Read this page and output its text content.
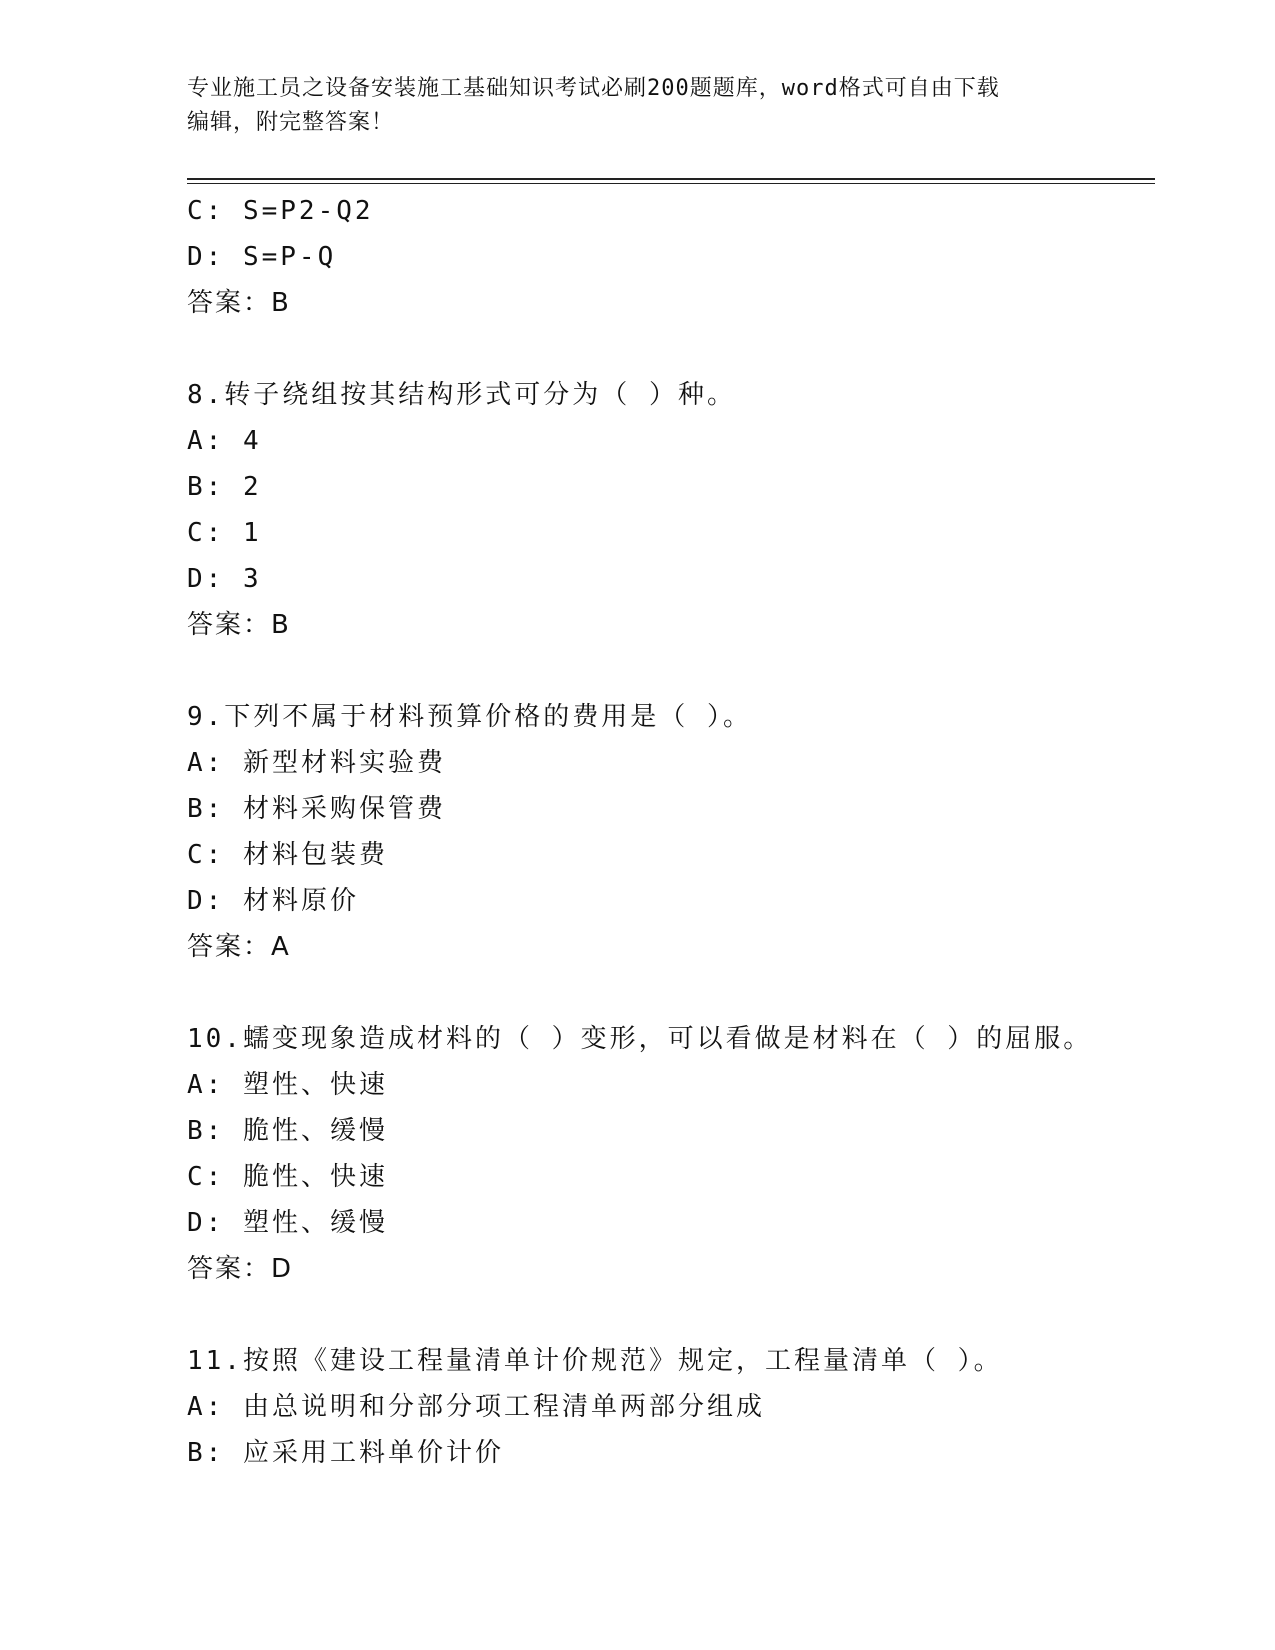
专业施工员之设备安装施工基础知识考试必刷200题题库，word格式可自由下载
编辑，附完整答案！
C: S=P2-Q2
D: S=P-Q
答案：B
8.转子绕组按其结构形式可分为（ ）种。
A: 4
B: 2
C: 1
D: 3
答案：B
9.下列不属于材料预算价格的费用是（ ）。
A: 新型材料实验费
B: 材料采购保管费
C: 材料包装费
D: 材料原价
答案：A
10.蠕变现象造成材料的（ ）变形，可以看做是材料在（ ）的屈服。
A: 塑性、快速
B: 脆性、缓慢
C: 脆性、快速
D: 塑性、缓慢
答案：D
11.按照《建设工程量清单计价规范》规定，工程量清单（ ）。
A: 由总说明和分部分项工程清单两部分组成
B: 应采用工料单价计价
